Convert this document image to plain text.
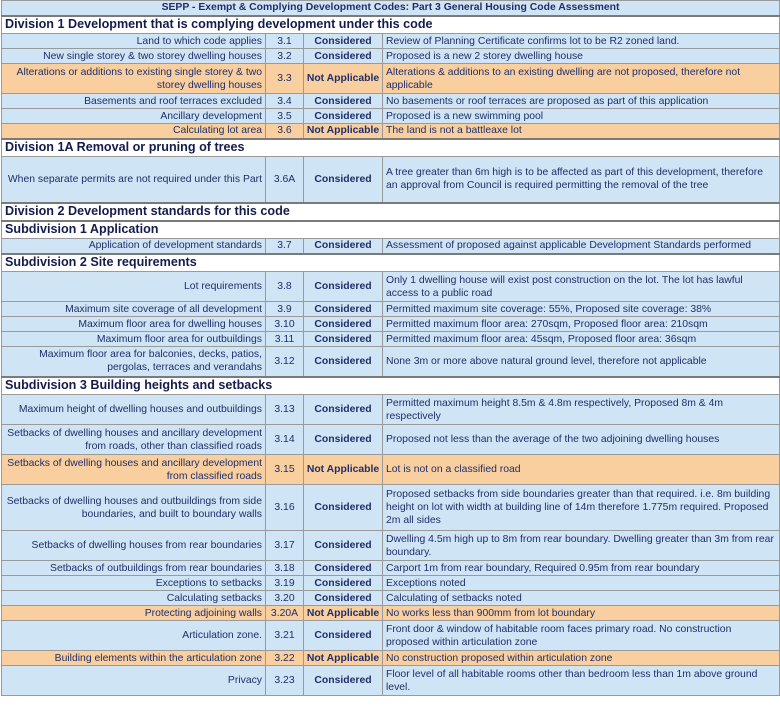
SEPP - Exempt & Complying Development Codes: Part 3 General Housing Code Assessment			
Division 1 Development that is complying development under this code			
Land to which code applies	3.1	Considered	Review of Planning Certificate confirms lot to be R2 zoned land.
New single storey & two storey dwelling houses	3.2	Considered	Proposed is a new 2 storey dwelling house
Alterations or additions to existing single storey & two storey dwelling houses	3.3	Not Applicable	Alterations & additions to an existing dwelling are not proposed, therefore not applicable
Basements and roof terraces excluded	3.4	Considered	No basements or roof terraces are proposed as part of this application
Ancillary development	3.5	Considered	Proposed is a new swimming pool
Calculating lot area	3.6	Not Applicable	The land is not a battleaxe lot
Division 1A Removal or pruning of trees			
When separate permits are not required under this Part	3.6A	Considered	A tree greater than 6m high is to be affected as part of this development, therefore an approval from Council is required permitting the removal of the tree
Division 2 Development standards for this code			
Subdivision 1 Application			
Application of development standards	3.7	Considered	Assessment of proposed against applicable Development Standards performed
Subdivision 2 Site requirements			
Lot requirements	3.8	Considered	Only 1 dwelling house will exist post construction on the lot. The lot has lawful access to a public road
Maximum site coverage of all development	3.9	Considered	Permitted maximum site coverage: 55%, Proposed site coverage: 38%
Maximum floor area for dwelling houses	3.10	Considered	Permitted maximum floor area: 270sqm, Proposed floor area: 210sqm
Maximum floor area for outbuildings	3.11	Considered	Permitted maximum floor area: 45sqm, Proposed floor area: 36sqm
Maximum floor area for balconies, decks, patios, pergolas, terraces and verandahs	3.12	Considered	None 3m or more above natural ground level, therefore not applicable
Subdivision 3 Building heights and setbacks			
Maximum height of dwelling houses and outbuildings	3.13	Considered	Permitted maximum height 8.5m & 4.8m respectively, Proposed 8m & 4m respectively
Setbacks of dwelling houses and ancillary development from roads, other than classified roads	3.14	Considered	Proposed not less than the average of the two adjoining dwelling houses
Setbacks of dwelling houses and ancillary development from classified roads	3.15	Not Applicable	Lot is not on a classified road
Setbacks of dwelling houses and outbuildings from side boundaries, and built to boundary walls	3.16	Considered	Proposed setbacks from side boundaries greater than that required. i.e. 8m building height on lot with width at building line of 14m therefore 1.775m required. Proposed 2m all sides
Setbacks of dwelling houses from rear boundaries	3.17	Considered	Dwelling 4.5m high up to 8m from rear boundary. Dwelling greater than 3m from rear boundary.
Setbacks of outbuildings from rear boundaries	3.18	Considered	Carport 1m from rear boundary, Required 0.95m from rear boundary
Exceptions to setbacks	3.19	Considered	Exceptions noted
Calculating setbacks	3.20	Considered	Calculating of setbacks noted
Protecting adjoining walls	3.20A	Not Applicable	No works less than 900mm from lot boundary
Articulation zone.	3.21	Considered	Front door & window of habitable room faces primary road. No construction proposed within articulation zone
Building elements within the articulation zone	3.22	Not Applicable	No construction proposed within articulation zone
Privacy	3.23	Considered	Floor level of all habitable rooms other than bedroom less than 1m above ground level.
